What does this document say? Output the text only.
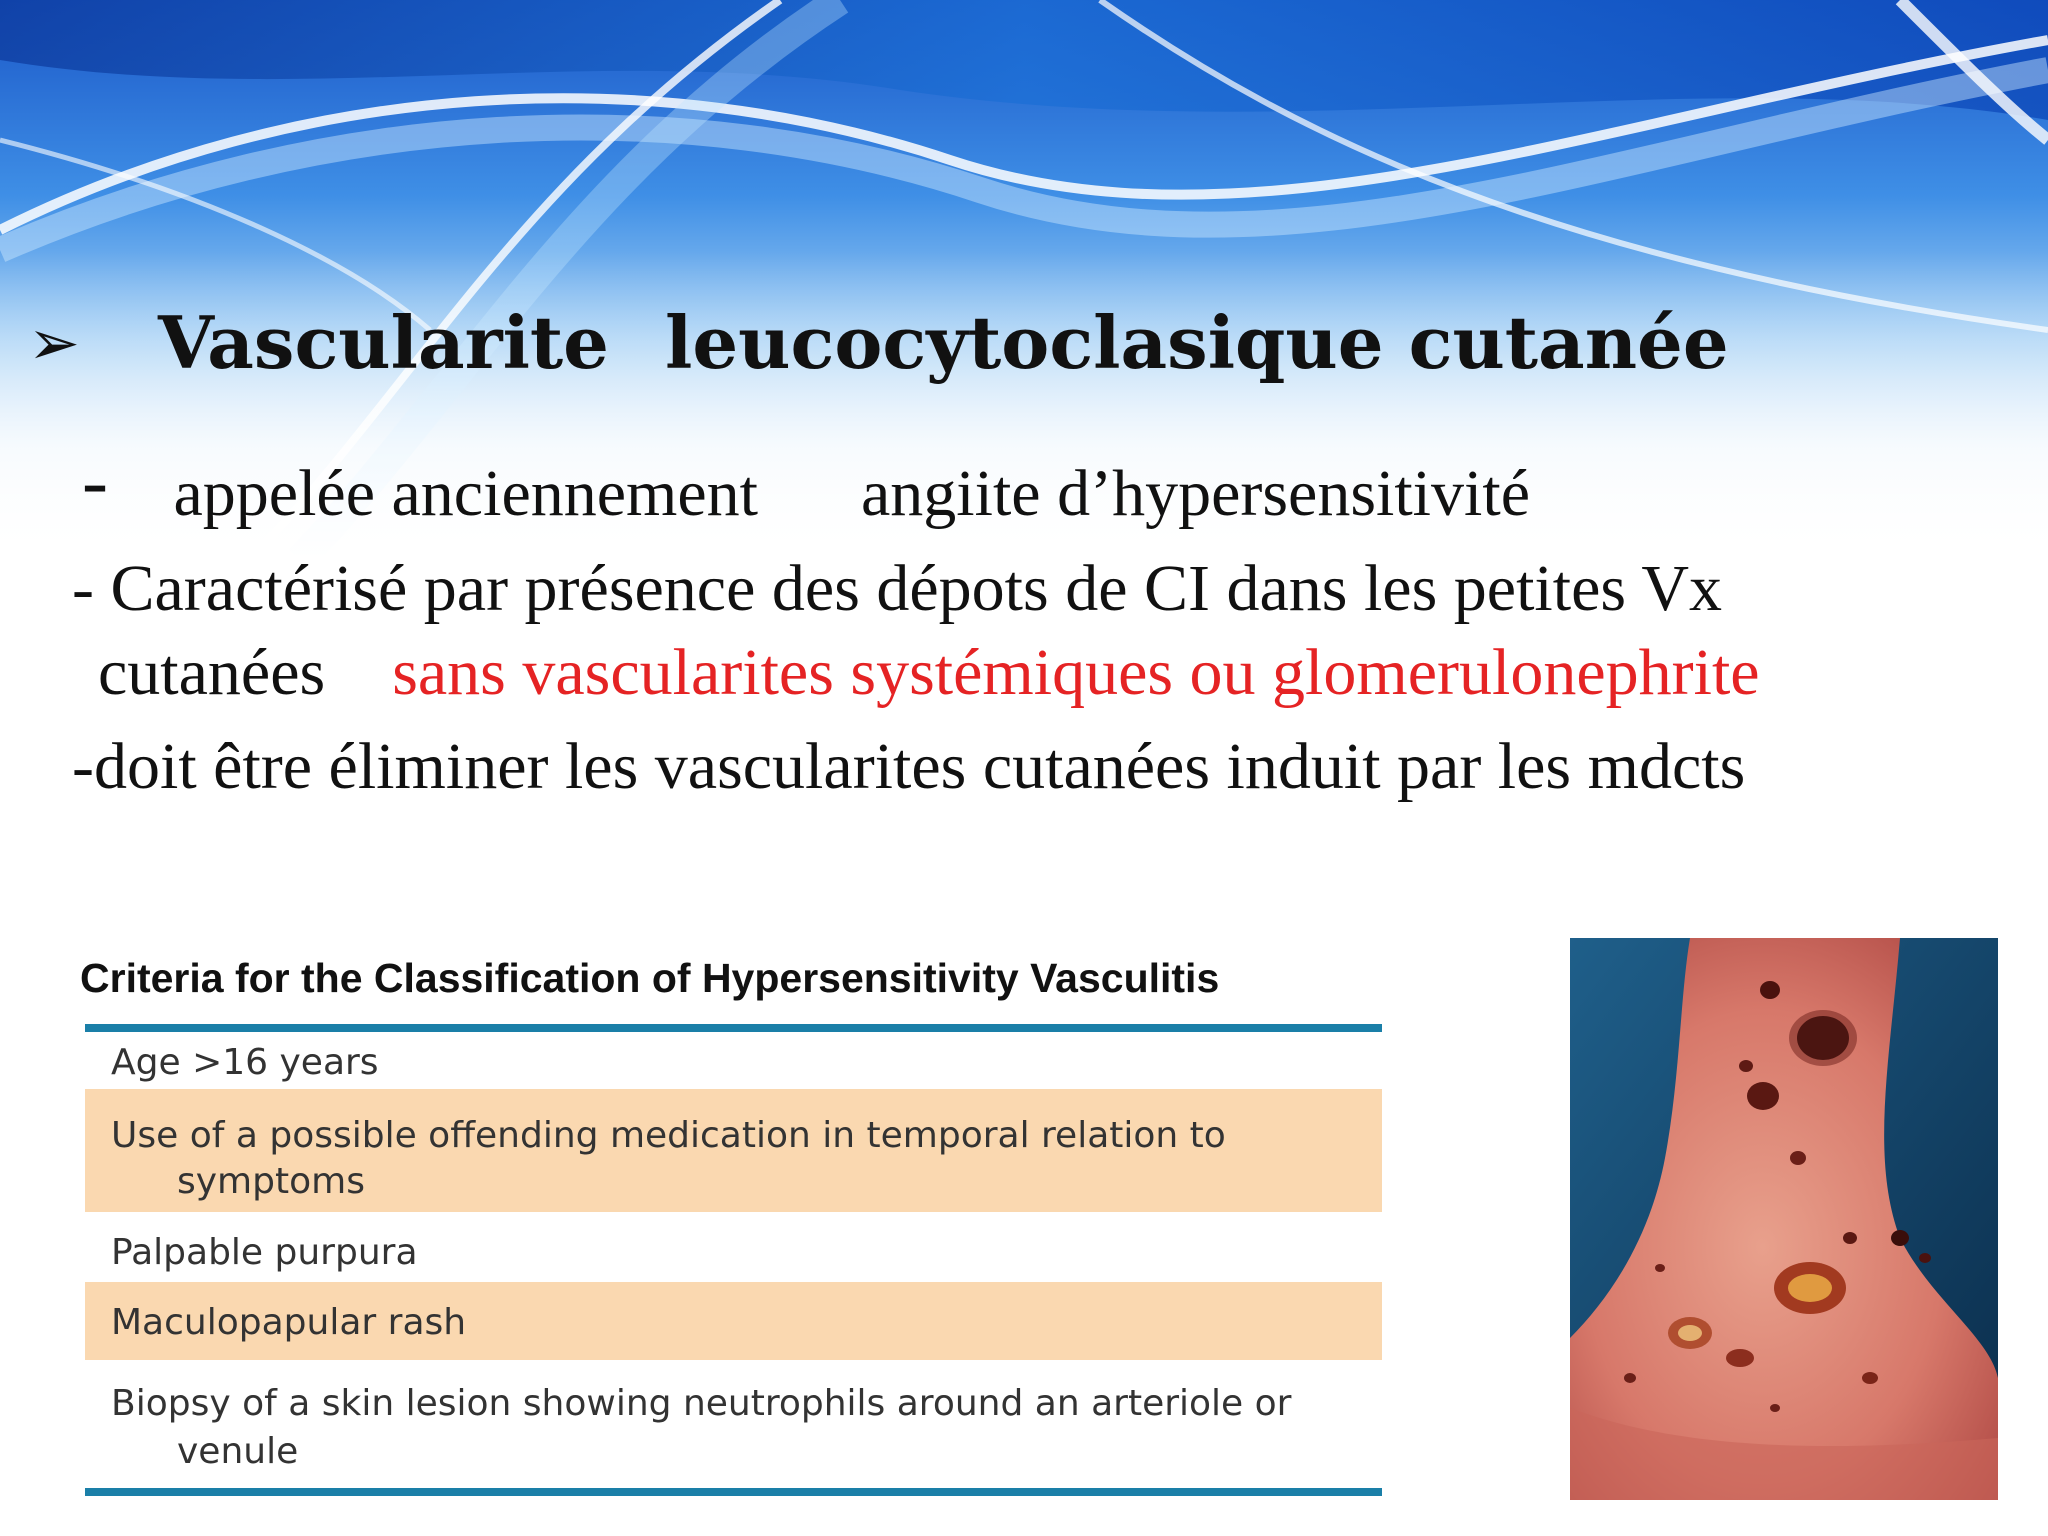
➢	Vascularite leucocytoclasique cutanée
- appelée anciennement angiite d’hypersensitivité
- Caractérisé par présence des dépots de CI dans les petites Vx
cutanées sans vascularites systémiques ou glomerulonephrite
-doit être éliminer les vascularites cutanées induit par les mdcts
Criteria for the Classification of Hypersensitivity Vasculitis
Age >16 years
Use of a possible offending medication in temporal relation to
symptoms
Palpable purpura
Maculopapular rash
Biopsy of a skin lesion showing neutrophils around an arteriole or
venule
